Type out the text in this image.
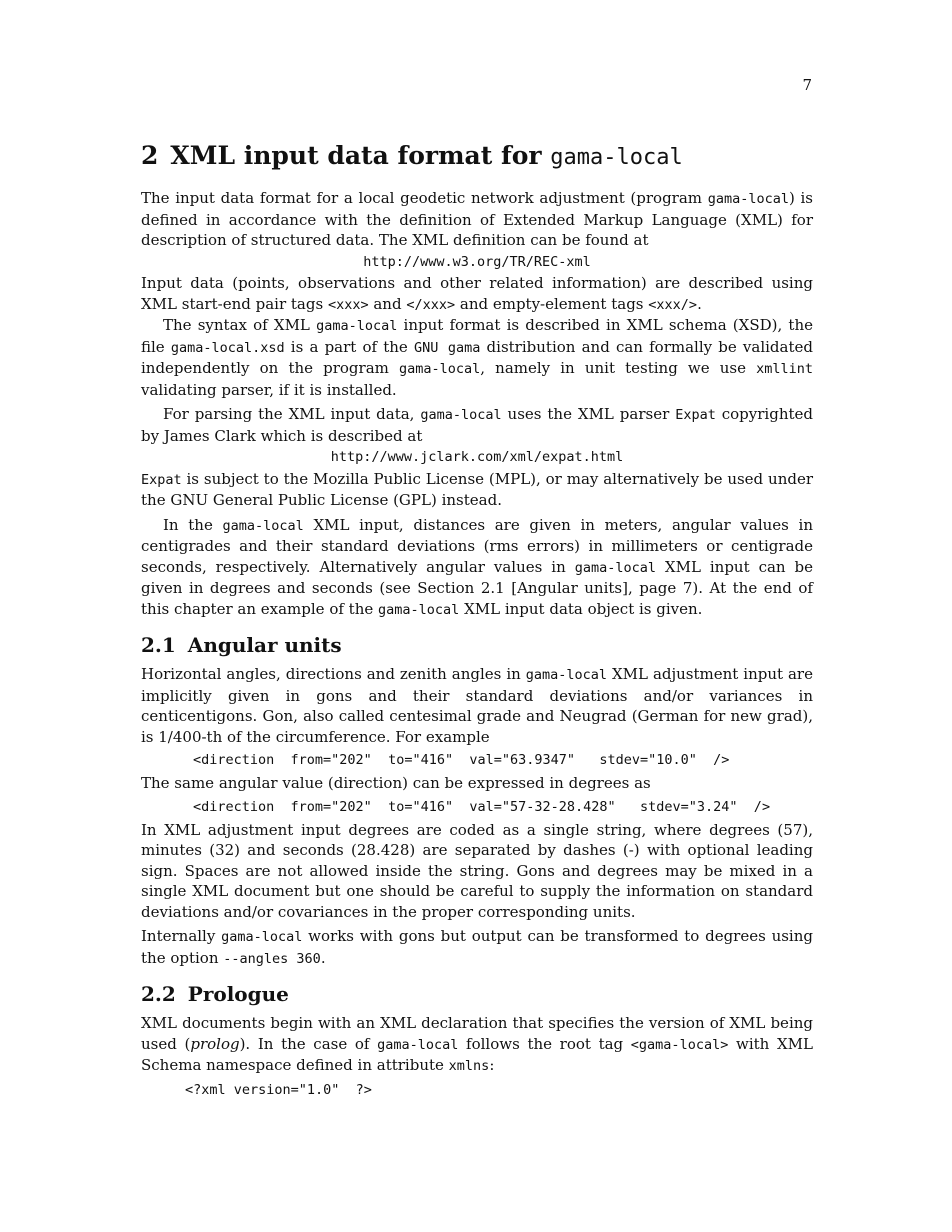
7
2 XML input data format for gama-local

The input data format for a local geodetic network adjustment (program gama-local) is defined in accordance with the definition of Extended Markup Language (XML) for description of structured data. The XML definition can be found at

http://www.w3.org/TR/REC-xml

Input data (points, observations and other related information) are described using XML start-end pair tags <xxx> and </xxx> and empty-element tags <xxx/>.

The syntax of XML gama-local input format is described in XML schema (XSD), the file gama-local.xsd is a part of the GNU gama distribution and can formally be validated independently on the program gama-local, namely in unit testing we use xmllint validating parser, if it is installed.

For parsing the XML input data, gama-local uses the XML parser Expat copyrighted by James Clark which is described at

http://www.jclark.com/xml/expat.html

Expat is subject to the Mozilla Public License (MPL), or may alternatively be used under the GNU General Public License (GPL) instead.

In the gama-local XML input, distances are given in meters, angular values in centigrades and their standard deviations (rms errors) in millimeters or centigrade seconds, respectively. Alternatively angular values in gama-local XML input can be given in degrees and seconds (see Section 2.1 [Angular units], page 7). At the end of this chapter an example of the gama-local XML input data object is given.

2.1 Angular units

Horizontal angles, directions and zenith angles in gama-local XML adjustment input are implicitly given in gons and their standard deviations and/or variances in centicentigons. Gon, also called centesimal grade and Neugrad (German for new grad), is 1/400-th of the circumference. For example

<direction  from="202"  to="416"  val="63.9347"   stdev="10.0"  />

The same angular value (direction) can be expressed in degrees as

<direction  from="202"  to="416"  val="57-32-28.428"   stdev="3.24"  />

In XML adjustment input degrees are coded as a single string, where degrees (57), minutes (32) and seconds (28.428) are separated by dashes (-) with optional leading sign. Spaces are not allowed inside the string. Gons and degrees may be mixed in a single XML document but one should be careful to supply the information on standard deviations and/or covariances in the proper corresponding units.

Internally gama-local works with gons but output can be transformed to degrees using the option --angles 360.

2.2 Prologue

XML documents begin with an XML declaration that specifies the version of XML being used (prolog). In the case of gama-local follows the root tag <gama-local> with XML Schema namespace defined in attribute xmlns:

<?xml version="1.0"  ?>
